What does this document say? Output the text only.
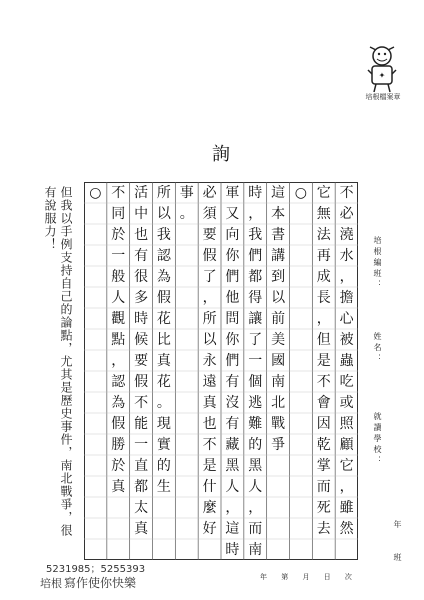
✦
培根檔案章
詢
培根編班：
姓名：
就讀學校：
年　　班
不
必
澆
水
，
擔
心
被
蟲
吃
或
照
顧
它
，
雖
然
它
無
法
再
成
長
，
但
是
不
會
因
乾
掌
而
死
去
○
這
本
書
講
到
以
前
美
國
南
北
戰
爭
時
，
我
們
都
得
讓
了
一
個
逃
難
的
黑
人
，
而
南
軍
又
向
你
們
他
問
你
們
有
沒
有
藏
黑
人
，
這
時
必
須
要
假
了
，
所
以
永
遠
真
也
不
是
什
麼
好
事
。
所
以
我
認
為
假
花
比
真
花
。
現
實
的
生
活
中
也
有
很
多
時
候
要
假
不
能
一
直
都
太
真
不
同
於
一
般
人
觀
點
，
認
為
假
勝
於
真
○
但我以手例支持自己的論點，尤其是歷史事件，南北戰爭，很有說服力！
年 第 月 日 次
5231985；5255393
培根 寫作使你快樂
